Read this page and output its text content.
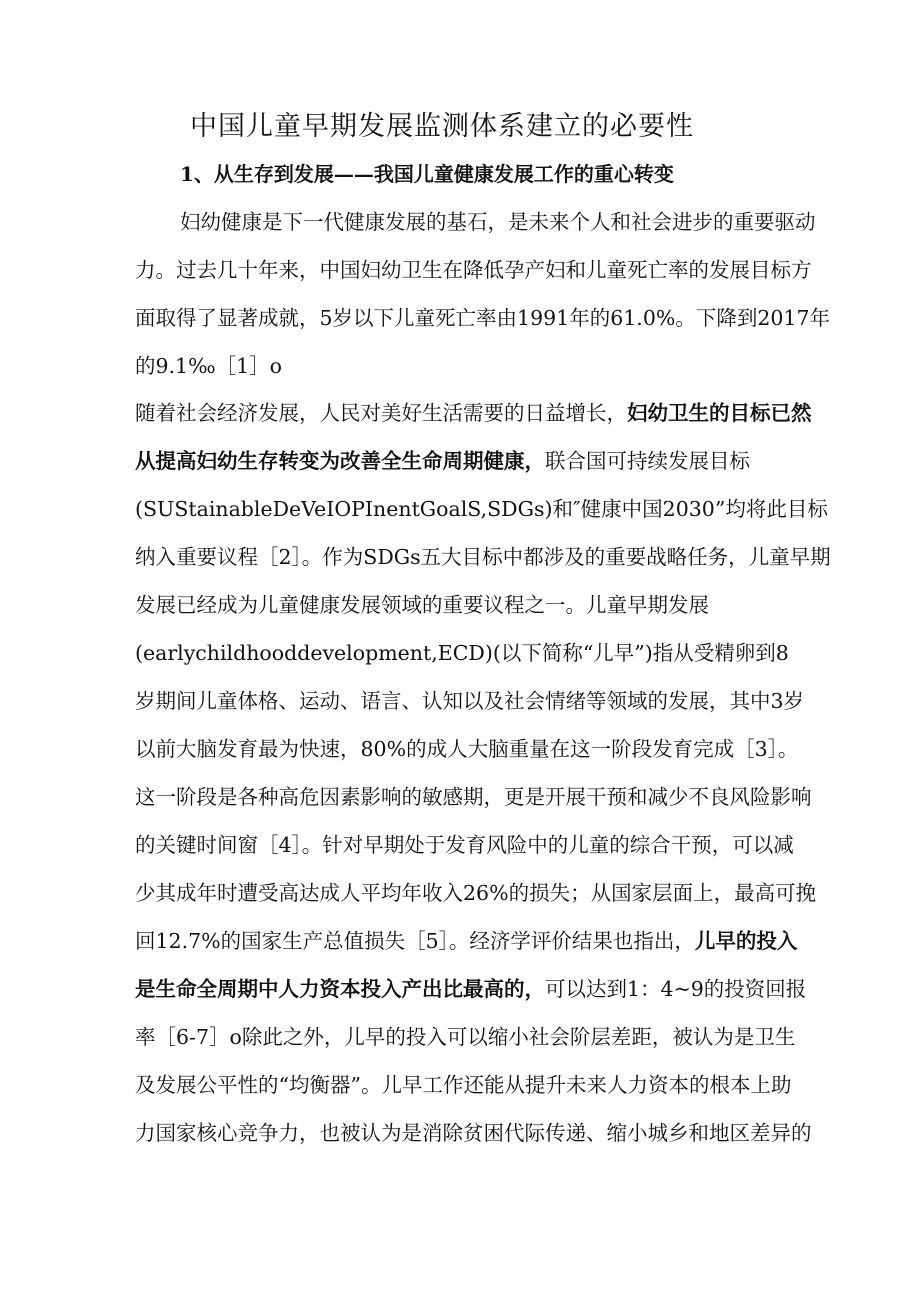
中国儿童早期发展监测体系建立的必要性
1、从生存到发展——我国儿童健康发展工作的重心转变
妇幼健康是下一代健康发展的基石，是未来个人和社会进步的重要驱动
力。过去几十年来，中国妇幼卫生在降低孕产妇和儿童死亡率的发展目标方
面取得了显著成就，5岁以下儿童死亡率由1991年的61.0%。下降到2017年
的9.1‰［1］o
随着社会经济发展，人民对美好生活需要的日益增长，妇幼卫生的目标已然
从提高妇幼生存转变为改善全生命周期健康，联合国可持续发展目标
(SUStainableDeVeIOPInentGoalS,SDGs)和″健康中国2030”均将此目标
纳入重要议程［2］。作为SDGs五大目标中都涉及的重要战略任务，儿童早期
发展已经成为儿童健康发展领域的重要议程之一。儿童早期发展
(earlychildhooddevelopment,ECD)(以下简称“儿早”)指从受精卵到8
岁期间儿童体格、运动、语言、认知以及社会情绪等领域的发展，其中3岁
以前大脑发育最为快速，80%的成人大脑重量在这一阶段发育完成［3］。
这一阶段是各种高危因素影响的敏感期，更是开展干预和减少不良风险影响
的关键时间窗［4］。针对早期处于发育风险中的儿童的综合干预，可以减
少其成年时遭受高达成人平均年收入26%的损失；从国家层面上，最高可挽
回12.7%的国家生产总值损失［5］。经济学评价结果也指出，儿早的投入
是生命全周期中人力资本投入产出比最高的，可以达到1：4~9的投资回报
率［6-7］o除此之外，儿早的投入可以缩小社会阶层差距，被认为是卫生
及发展公平性的“均衡器”。儿早工作还能从提升未来人力资本的根本上助
力国家核心竞争力，也被认为是消除贫困代际传递、缩小城乡和地区差异的
